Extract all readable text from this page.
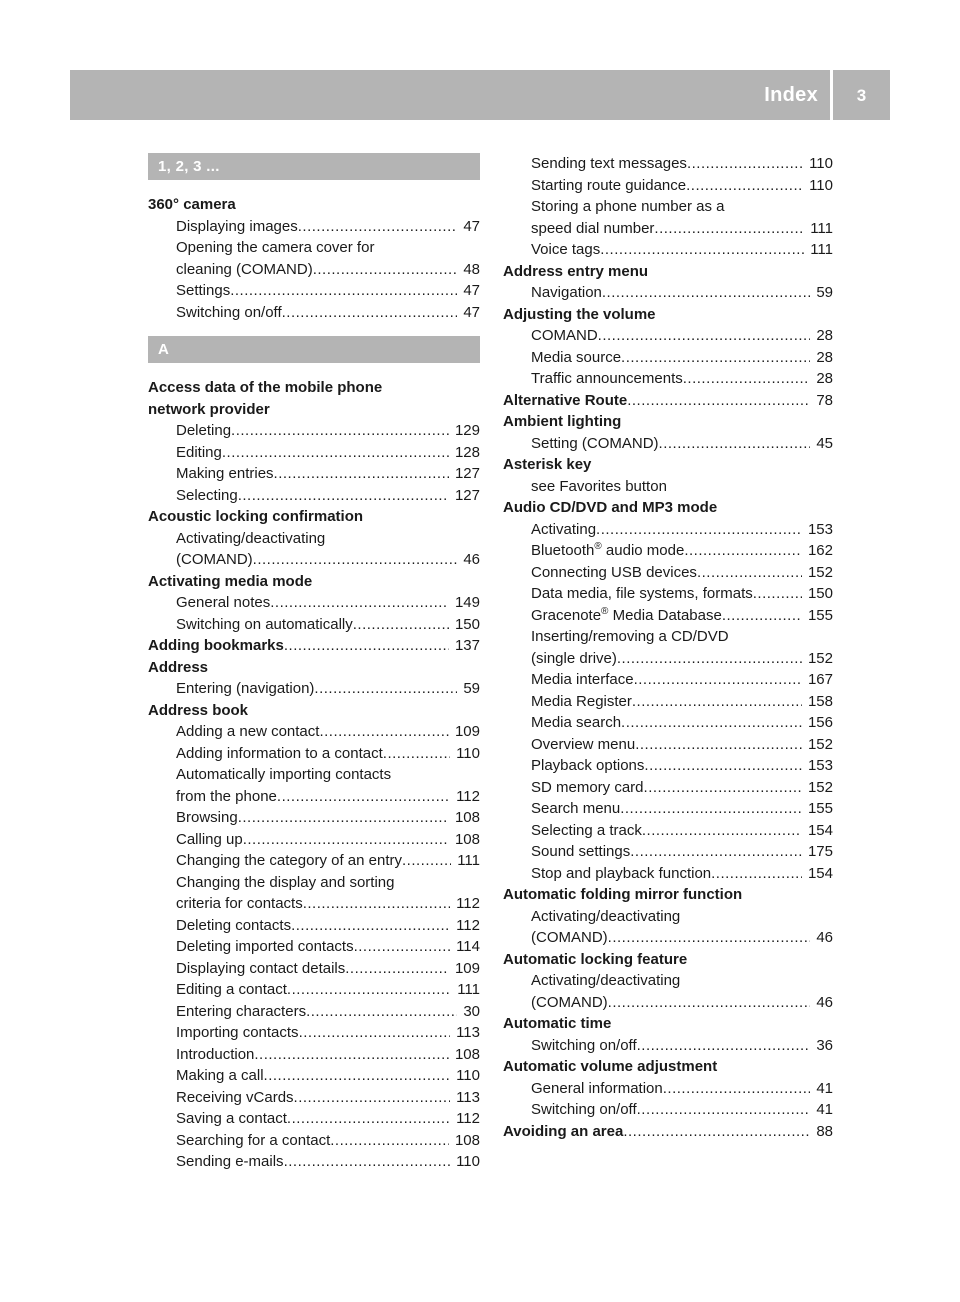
Index	3
1, 2, 3 ...
360° camera
Displaying images .....	47
Opening the camera cover for
cleaning (COMAND) .....	48
Settings .....	47
Switching on/off .....	47
A
Access data of the mobile phone
network provider
Deleting .....	129
Editing .....	128
Making entries .....	127
Selecting .....	127
Acoustic locking confirmation
Activating/deactivating
(COMAND) .....	46
Activating media mode
General notes .....	149
Switching on automatically .....	150
Adding bookmarks .....	137
Address
Entering (navigation) .....	59
Address book
Adding a new contact .....	109
Adding information to a contact .....	110
Automatically importing contacts
from the phone .....	112
Browsing .....	108
Calling up .....	108
Changing the category of an entry .....	111
Changing the display and sorting
criteria for contacts .....	112
Deleting contacts .....	112
Deleting imported contacts .....	114
Displaying contact details .....	109
Editing a contact .....	111
Entering characters .....	30
Importing contacts .....	113
Introduction .....	108
Making a call .....	110
Receiving vCards .....	113
Saving a contact .....	112
Searching for a contact .....	108
Sending e-mails .....	110
Sending text messages .....	110
Starting route guidance .....	110
Storing a phone number as a
speed dial number .....	111
Voice tags .....	111
Address entry menu
Navigation .....	59
Adjusting the volume
COMAND .....	28
Media source .....	28
Traffic announcements .....	28
Alternative Route .....	78
Ambient lighting
Setting (COMAND) .....	45
Asterisk key
see Favorites button
Audio CD/DVD and MP3 mode
Activating .....	153
Bluetooth® audio mode .....	162
Connecting USB devices .....	152
Data media, file systems, formats .....	150
Gracenote® Media Database .....	155
Inserting/removing a CD/DVD
(single drive) .....	152
Media interface .....	167
Media Register .....	158
Media search .....	156
Overview menu .....	152
Playback options .....	153
SD memory card .....	152
Search menu .....	155
Selecting a track .....	154
Sound settings .....	175
Stop and playback function .....	154
Automatic folding mirror function
Activating/deactivating
(COMAND) .....	46
Automatic locking feature
Activating/deactivating
(COMAND) .....	46
Automatic time
Switching on/off .....	36
Automatic volume adjustment
General information .....	41
Switching on/off .....	41
Avoiding an area .....	88
